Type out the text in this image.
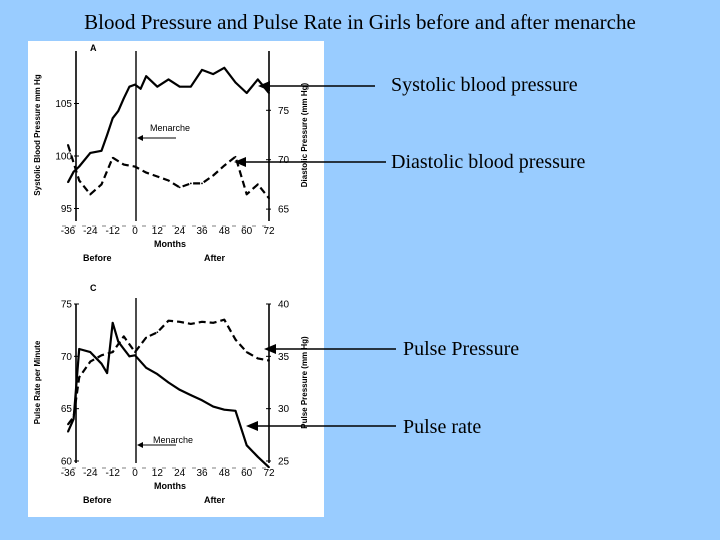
Blood Pressure and Pulse Rate in Girls before and after menarche
A
95
100
105
Systolic Blood Pressure mm Hg
65
70
75 Diastolic Pressure (mm Hg)
-36 -24 -12 0 12 24 36 48 60 72
Months
Before	After
Menarche
C
60
65
70
75
Pulse Rate per Minute
25
30
35
40
Pulse Pressure (mm Hg)
-36 -24 -12 0 12 24 36 48 60 72
Months
Before	After
Menarche
Systolic blood pressure
Diastolic blood pressure
Pulse Pressure
Pulse rate
